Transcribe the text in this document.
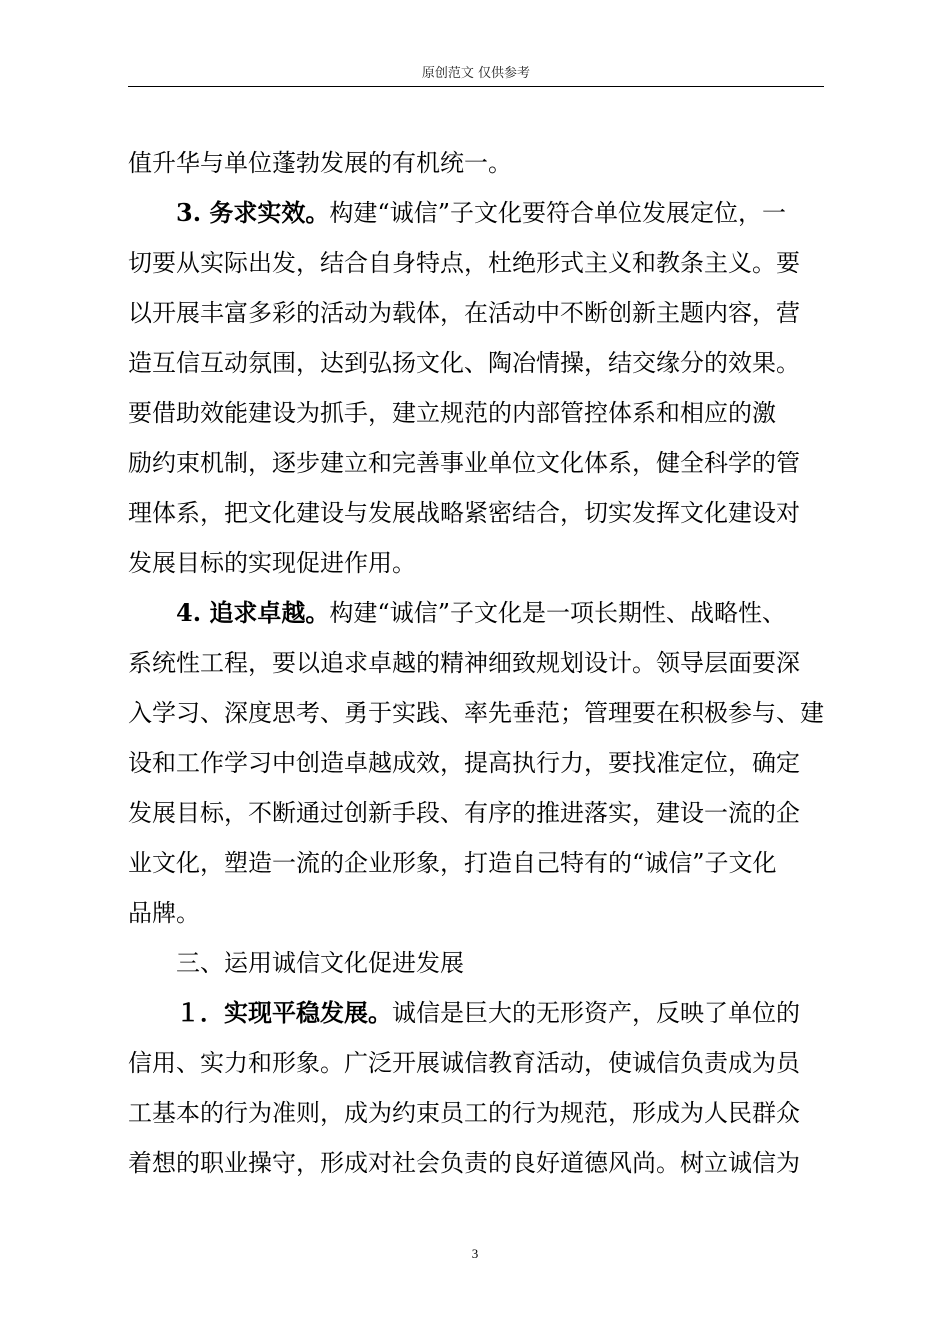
原创范文 仅供参考
值升华与单位蓬勃发展的有机统一。
3. 务求实效。构建“诚信”子文化要符合单位发展定位，一
切要从实际出发，结合自身特点，杜绝形式主义和教条主义。要
以开展丰富多彩的活动为载体，在活动中不断创新主题内容，营
造互信互动氛围，达到弘扬文化、陶冶情操，结交缘分的效果。
要借助效能建设为抓手，建立规范的内部管控体系和相应的激
励约束机制，逐步建立和完善事业单位文化体系，健全科学的管
理体系，把文化建设与发展战略紧密结合，切实发挥文化建设对
发展目标的实现促进作用。
4. 追求卓越。构建“诚信”子文化是一项长期性、战略性、
系统性工程，要以追求卓越的精神细致规划设计。领导层面要深
入学习、深度思考、勇于实践、率先垂范；管理要在积极参与、建
设和工作学习中创造卓越成效，提高执行力，要找准定位，确定
发展目标，不断通过创新手段、有序的推进落实，建设一流的企
业文化，塑造一流的企业形象，打造自己特有的“诚信”子文化
品牌。
三、运用诚信文化促进发展
１．实现平稳发展。诚信是巨大的无形资产，反映了单位的
信用、实力和形象。广泛开展诚信教育活动，使诚信负责成为员
工基本的行为准则，成为约束员工的行为规范，形成为人民群众
着想的职业操守，形成对社会负责的良好道德风尚。树立诚信为
3
